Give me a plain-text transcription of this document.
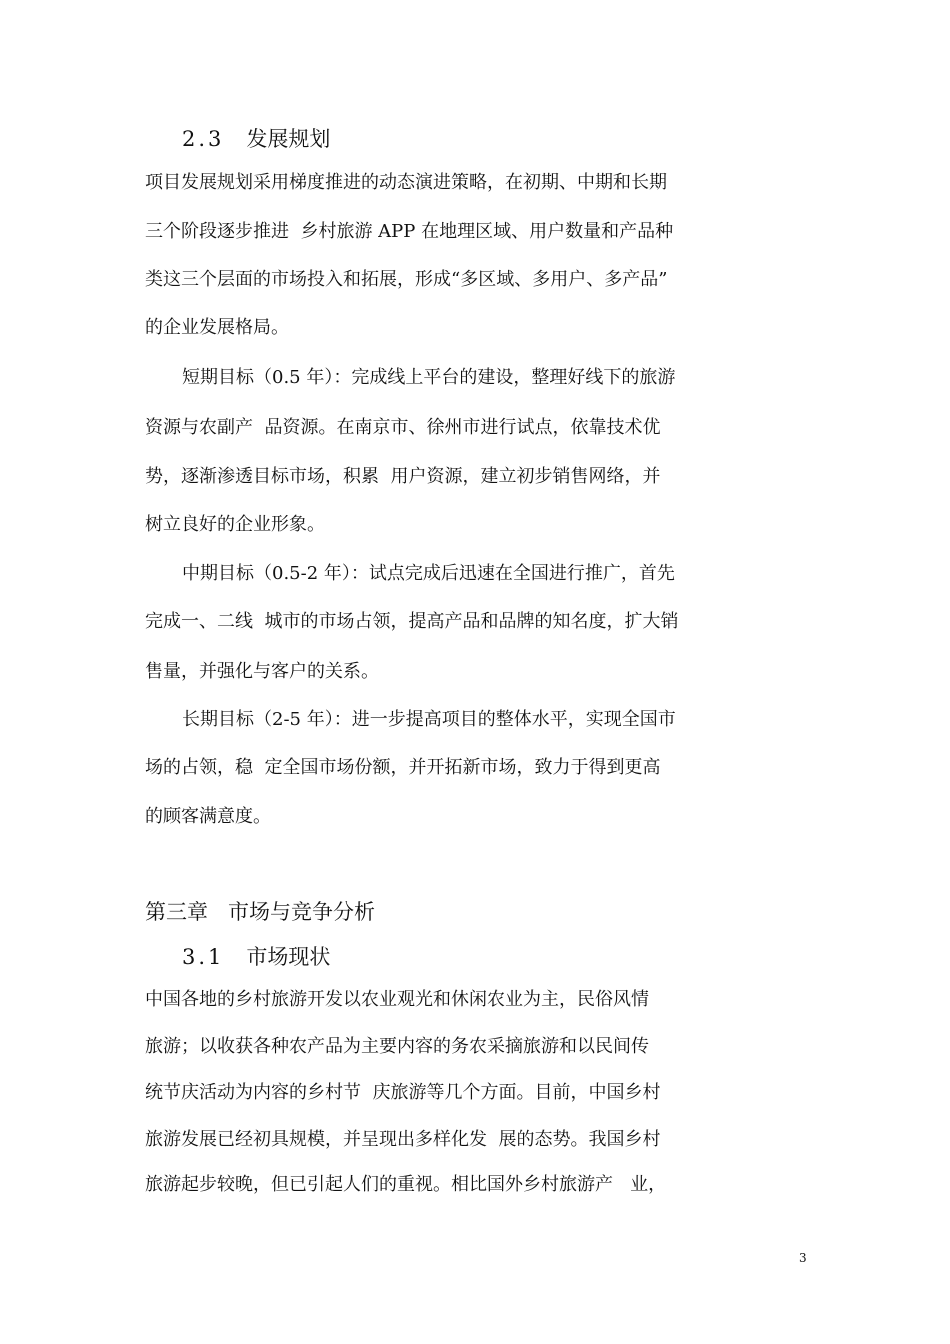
2.3 发展规划
项目发展规划采用梯度推进的动态演进策略，在初期、中期和长期
三个阶段逐步推进  乡村旅游 APP 在地理区域、用户数量和产品种
类这三个层面的市场投入和拓展，形成“多区域、多用户、多产品”
的企业发展格局。
短期目标（0.5 年）：完成线上平台的建设，整理好线下的旅游
资源与农副产  品资源。在南京市、徐州市进行试点，依靠技术优
势，逐渐渗透目标市场，积累  用户资源，建立初步销售网络，并
树立良好的企业形象。
中期目标（0.5-2 年）：试点完成后迅速在全国进行推广，首先
完成一、二线  城市的市场占领，提高产品和品牌的知名度，扩大销
售量，并强化与客户的关系。
长期目标（2-5 年）：进一步提高项目的整体水平，实现全国市
场的占领，稳  定全国市场份额，并开拓新市场，致力于得到更高
的顾客满意度。
第三章   市场与竞争分析
3.1 市场现状
中国各地的乡村旅游开发以农业观光和休闲农业为主，民俗风情
旅游；以收获各种农产品为主要内容的务农采摘旅游和以民间传
统节庆活动为内容的乡村节  庆旅游等几个方面。目前，中国乡村
旅游发展已经初具规模，并呈现出多样化发  展的态势。我国乡村
旅游起步较晚，但已引起人们的重视。相比国外乡村旅游产   业，
3
